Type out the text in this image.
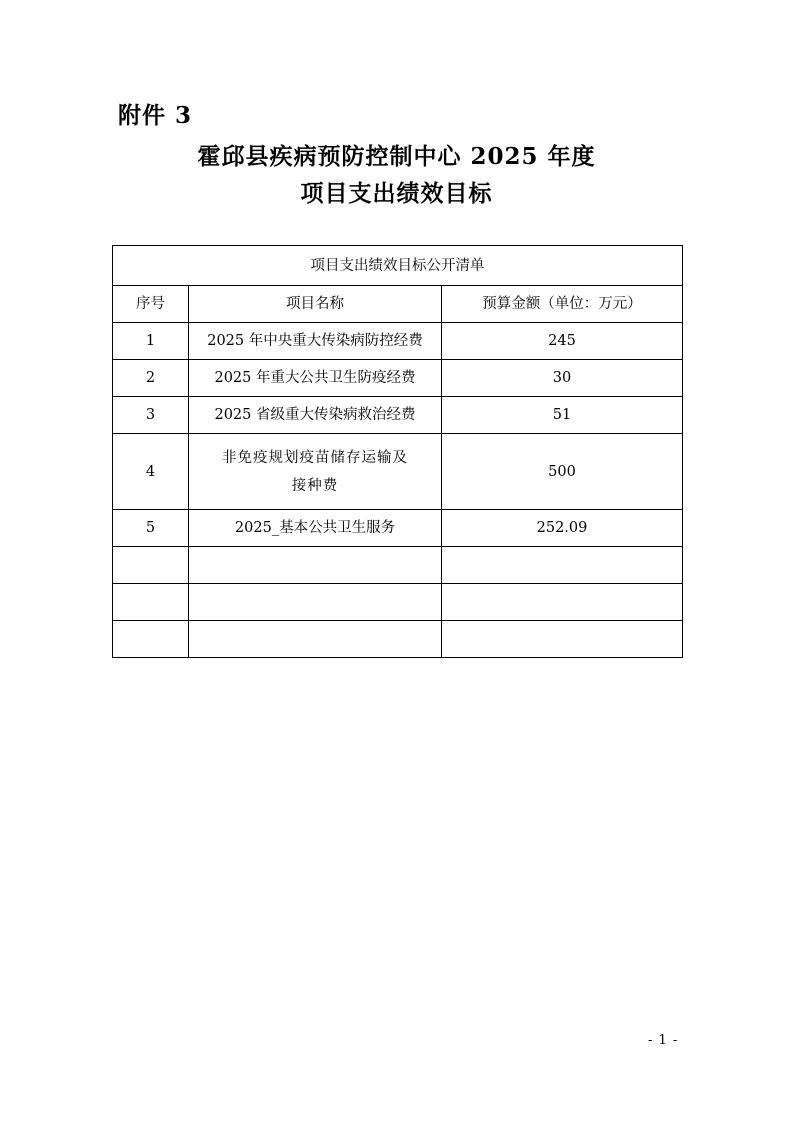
附件 3
霍邱县疾病预防控制中心 2025 年度
项目支出绩效目标
项目支出绩效目标公开清单		
序号	项目名称	预算金额（单位：万元）
1	2025 年中央重大传染病防控经费	245
2	2025 年重大公共卫生防疫经费	30
3	2025 省级重大传染病救治经费	51
4	非免疫规划疫苗储存运输及接种费	500
5	2025_基本公共卫生服务	252.09

- 1 -
